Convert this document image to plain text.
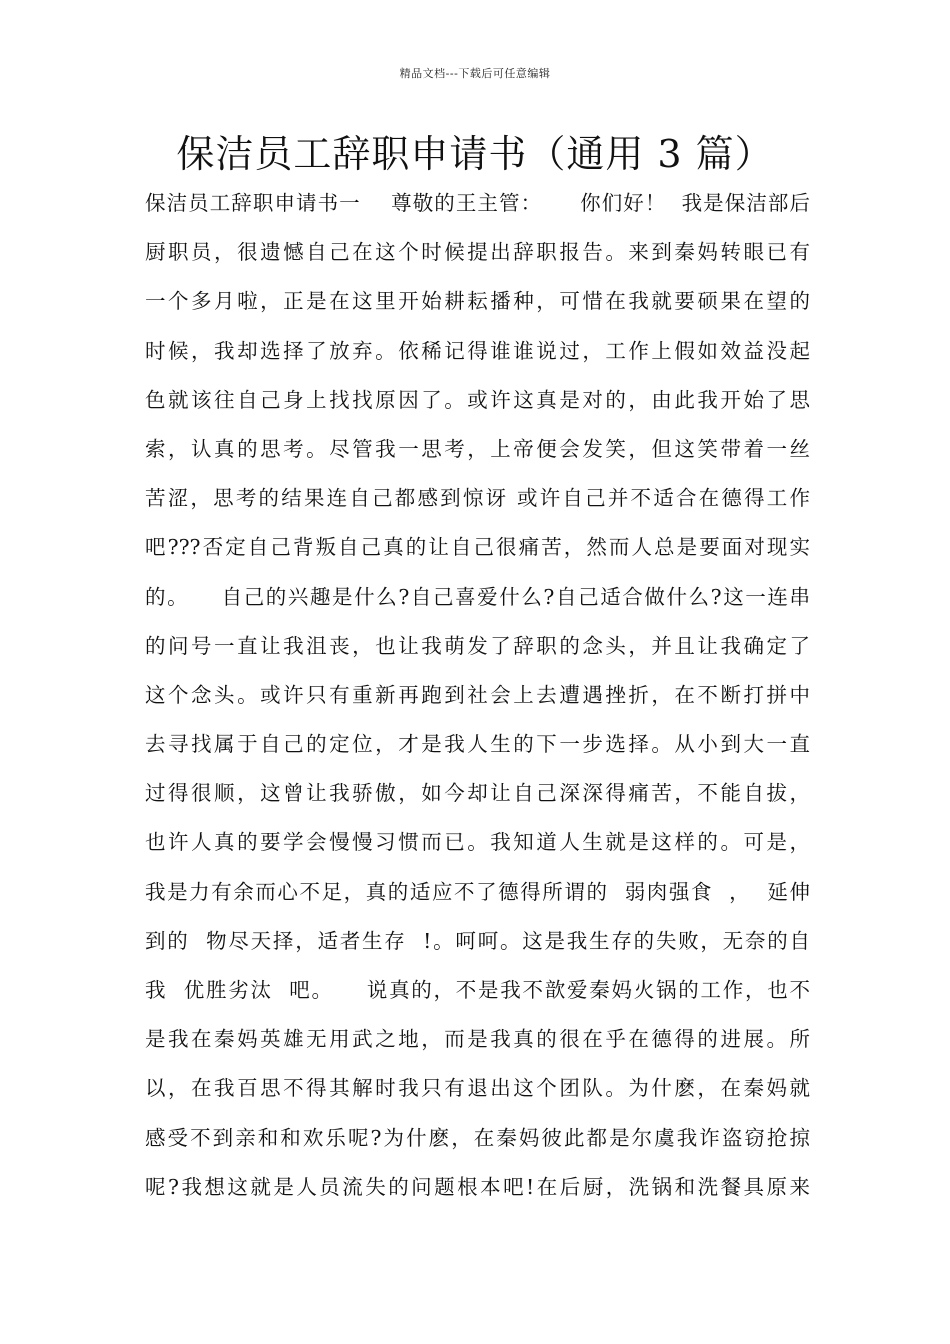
精品文档---下载后可任意编辑
保洁员工辞职申请书（通用 3 篇）
保洁员工辞职申请书一    尊敬的王主管：     你们好！  我是保洁部后
厨职员，很遗憾自己在这个时候提出辞职报告。来到秦妈转眼已有
一个多月啦，正是在这里开始耕耘播种，可惜在我就要硕果在望的
时候，我却选择了放弃。依稀记得谁谁说过，工作上假如效益没起
色就该往自己身上找找原因了。或许这真是对的，由此我开始了思
索，认真的思考。尽管我一思考，上帝便会发笑，但这笑带着一丝
苦涩，思考的结果连自己都感到惊讶 或许自己并不适合在德得工作
吧???否定自己背叛自己真的让自己很痛苦，然而人总是要面对现实
的。    自己的兴趣是什么?自己喜爱什么?自己适合做什么?这一连串
的问号一直让我沮丧，也让我萌发了辞职的念头，并且让我确定了
这个念头。或许只有重新再跑到社会上去遭遇挫折，在不断打拼中
去寻找属于自己的定位，才是我人生的下一步选择。从小到大一直
过得很顺，这曾让我骄傲，如今却让自己深深得痛苦，不能自拔，
也许人真的要学会慢慢习惯而已。我知道人生就是这样的。可是，
我是力有余而心不足，真的适应不了德得所谓的  弱肉强食  ，  延伸
到的  物尽天择，适者生存  !。呵呵。这是我生存的失败，无奈的自
我  优胜劣汰  吧。    说真的，不是我不歆爱秦妈火锅的工作，也不
是我在秦妈英雄无用武之地，而是我真的很在乎在德得的进展。所
以，在我百思不得其解时我只有退出这个团队。为什麽，在秦妈就
感受不到亲和和欢乐呢?为什麽，在秦妈彼此都是尔虞我诈盗窃抢掠
呢?我想这就是人员流失的问题根本吧!在后厨，洗锅和洗餐具原来
